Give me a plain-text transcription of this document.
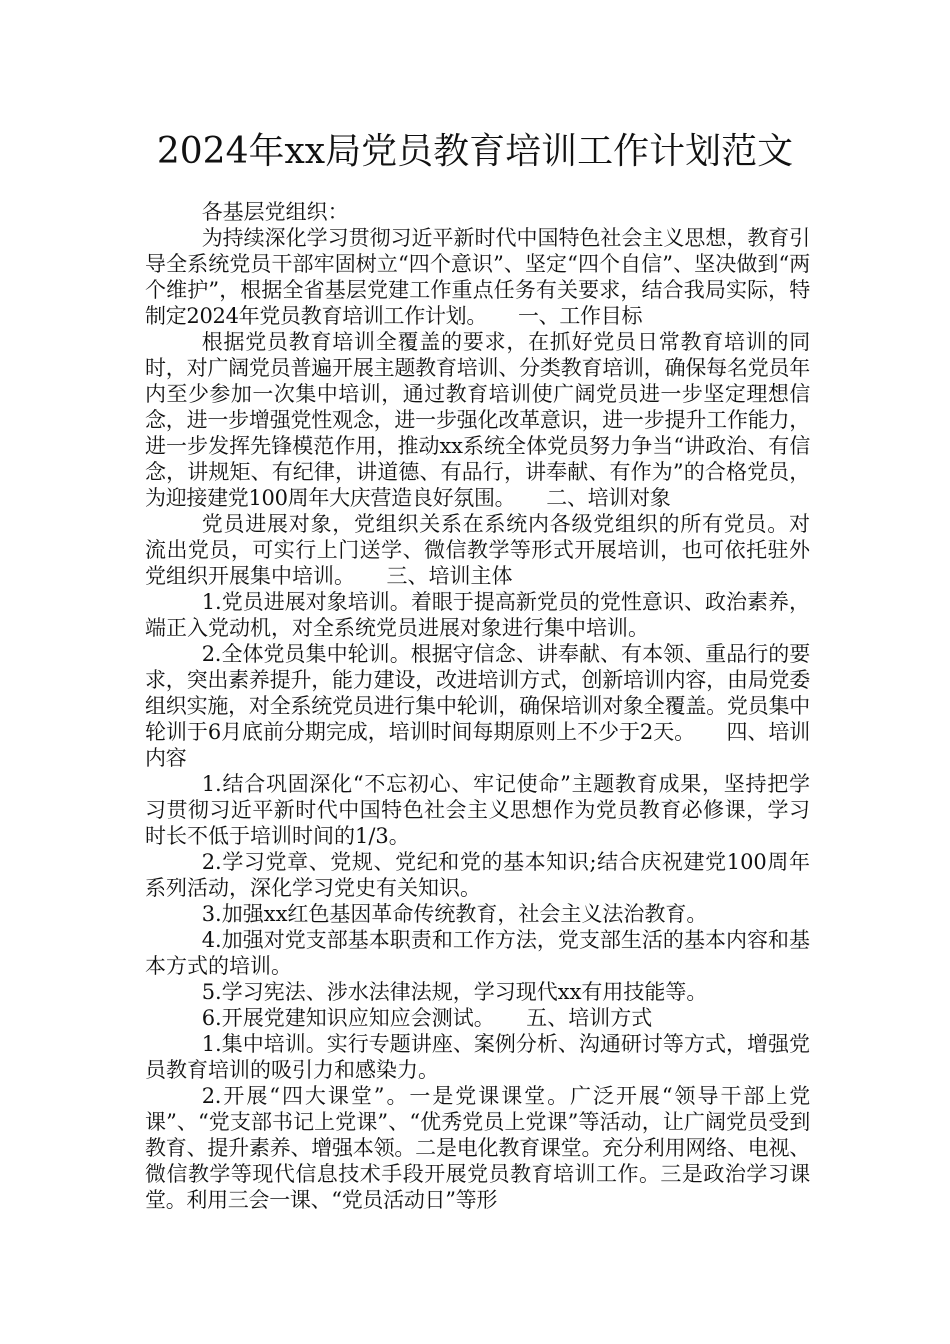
2024年xx局党员教育培训工作计划范文

各基层党组织：

为持续深化学习贯彻习近平新时代中国特色社会主义思想，教育引导全系统党员干部牢固树立“四个意识”、坚定“四个自信”、坚决做到“两个维护”，根据全省基层党建工作重点任务有关要求，结合我局实际，特制定2024年党员教育培训工作计划。　　一、工作目标

根据党员教育培训全覆盖的要求，在抓好党员日常教育培训的同时，对广阔党员普遍开展主题教育培训、分类教育培训，确保每名党员年内至少参加一次集中培训，通过教育培训使广阔党员进一步坚定理想信念，进一步增强党性观念，进一步强化改革意识，进一步提升工作能力，进一步发挥先锋模范作用，推动xx系统全体党员努力争当“讲政治、有信念，讲规矩、有纪律，讲道德、有品行，讲奉献、有作为”的合格党员，为迎接建党100周年大庆营造良好氛围。　　二、培训对象

党员进展对象，党组织关系在系统内各级党组织的所有党员。对流出党员，可实行上门送学、微信教学等形式开展培训，也可依托驻外党组织开展集中培训。　　三、培训主体

1.党员进展对象培训。着眼于提高新党员的党性意识、政治素养，端正入党动机，对全系统党员进展对象进行集中培训。

2.全体党员集中轮训。根据守信念、讲奉献、有本领、重品行的要求，突出素养提升，能力建设，改进培训方式，创新培训内容，由局党委组织实施，对全系统党员进行集中轮训，确保培训对象全覆盖。党员集中轮训于6月底前分期完成，培训时间每期原则上不少于2天。　　四、培训内容

1.结合巩固深化“不忘初心、牢记使命”主题教育成果，坚持把学习贯彻习近平新时代中国特色社会主义思想作为党员教育必修课，学习时长不低于培训时间的1/3。

2.学习党章、党规、党纪和党的基本知识;结合庆祝建党100周年系列活动，深化学习党史有关知识。

3.加强xx红色基因革命传统教育，社会主义法治教育。

4.加强对党支部基本职责和工作方法，党支部生活的基本内容和基本方式的培训。

5.学习宪法、涉水法律法规，学习现代xx有用技能等。

6.开展党建知识应知应会测试。　　五、培训方式

1.集中培训。实行专题讲座、案例分析、沟通研讨等方式，增强党员教育培训的吸引力和感染力。

2.开展“四大课堂”。一是党课课堂。广泛开展“领导干部上党课”、“党支部书记上党课”、“优秀党员上党课”等活动，让广阔党员受到教育、提升素养、增强本领。二是电化教育课堂。充分利用网络、电视、微信教学等现代信息技术手段开展党员教育培训工作。三是政治学习课堂。利用三会一课、“党员活动日”等形
